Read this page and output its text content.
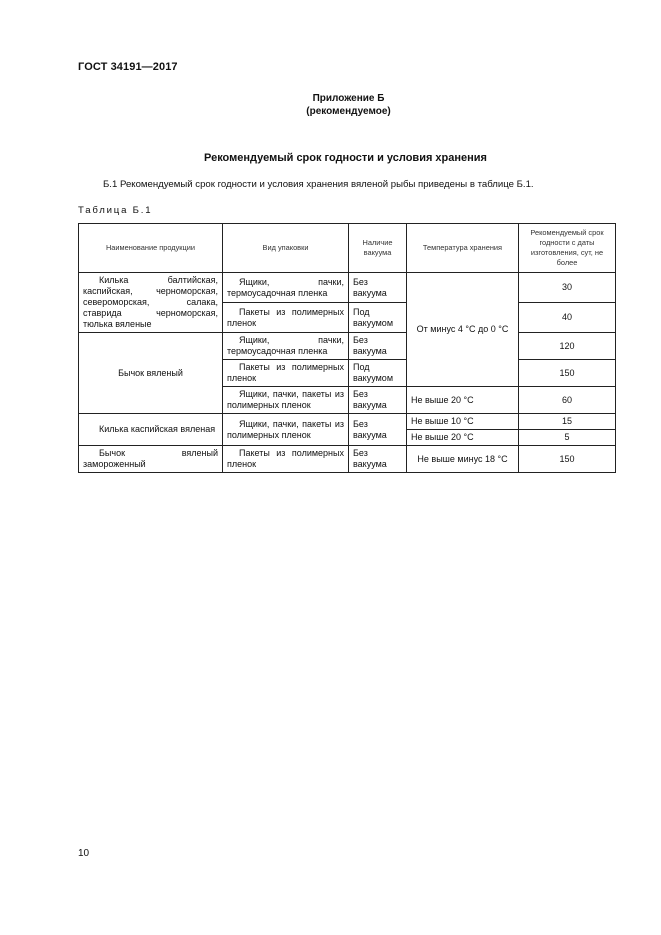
ГОСТ 34191—2017
Приложение Б
(рекомендуемое)
Рекомендуемый срок годности и условия хранения
Б.1 Рекомендуемый срок годности и условия хранения вяленой рыбы приведены в таблице Б.1.
Таблица Б.1
Наименование продукции	Вид упаковки	Наличие вакуума	Температура хранения	Рекомендуемый срок годности с даты изготовления, сут, не более
Килька балтийская, каспийская, черноморская, североморская, салака, ставрида черноморская, тюлька вяленые	Ящики, пачки, термоусадочная пленка	Без вакуума	От минус 4 °С до 0 °С	30
	Пакеты из полимерных пленок	Под вакуумом		40
Бычок вяленый	Ящики, пачки, термоусадочная пленка	Без вакуума		120
	Пакеты из полимерных пленок	Под вакуумом		150
	Ящики, пачки, пакеты из полимерных пленок	Без вакуума	Не выше 20 °С	60
Килька каспийская вяленая	Ящики, пачки, пакеты из полимерных пленок	Без вакуума	Не выше 10 °С	15
			Не выше 20 °С	5
Бычок вяленый замороженный	Пакеты из полимерных пленок	Без вакуума	Не выше минус 18 °С	150
10
